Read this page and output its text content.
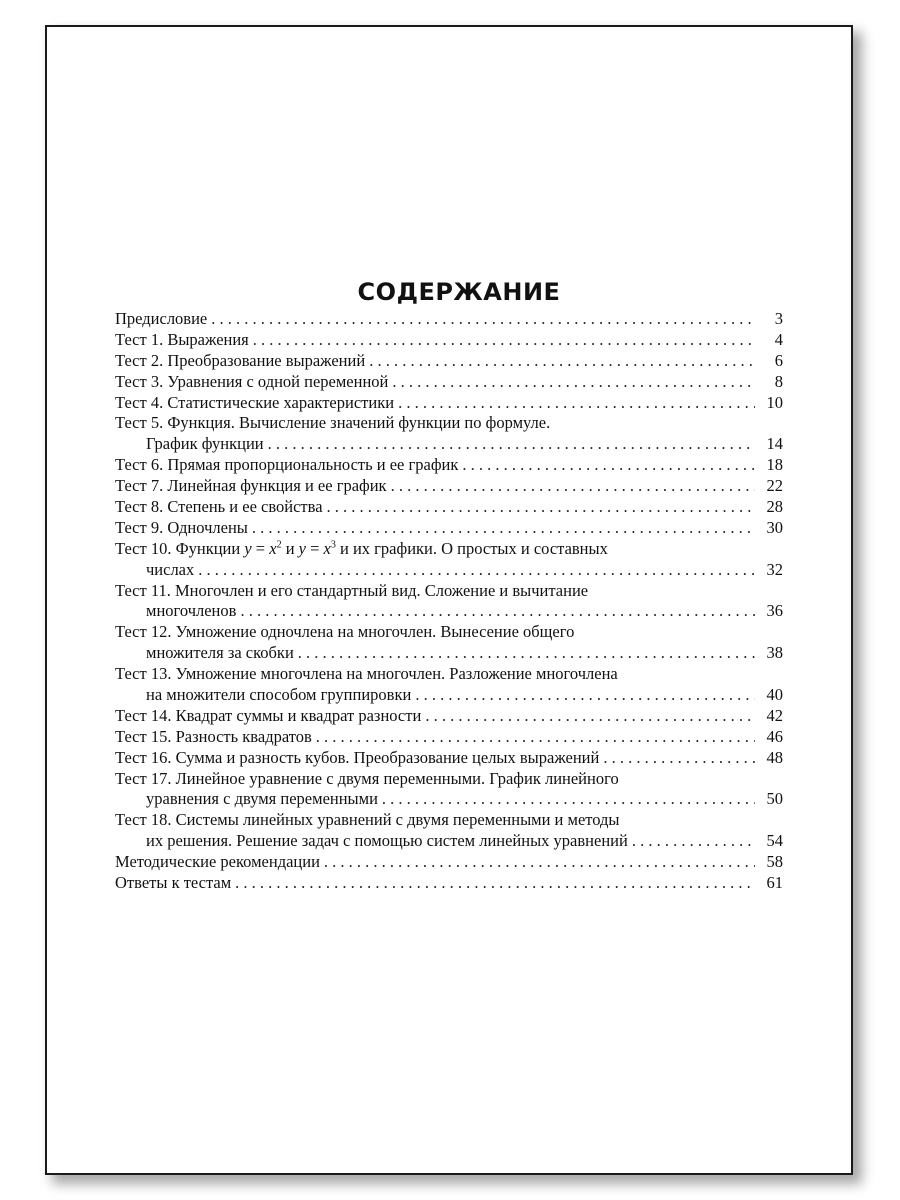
СОДЕРЖАНИЕ
Предисловие . . .	3
Тест 1. Выражения . . .	4
Тест 2. Преобразование выражений . . .	6
Тест 3. Уравнения с одной переменной . . .	8
Тест 4. Статистические характеристики . . .	10
Тест 5. Функция. Вычисление значений функции по формуле.
График функции . . .	14
Тест 6. Прямая пропорциональность и ее график . . .	18
Тест 7. Линейная функция и ее график . . .	22
Тест 8. Степень и ее свойства . . .	28
Тест 9. Одночлены . . .	30
Тест 10. Функции $y = x^2$ и $y = x^3$ и их графики. О простых и составных
числах . . .	32
Тест 11. Многочлен и его стандартный вид. Сложение и вычитание
многочленов . . .	36
Тест 12. Умножение одночлена на многочлен. Вынесение общего
множителя за скобки . . .	38
Тест 13. Умножение многочлена на многочлен. Разложение многочлена
на множители способом группировки . . .	40
Тест 14. Квадрат суммы и квадрат разности . . .	42
Тест 15. Разность квадратов . . .	46
Тест 16. Сумма и разность кубов. Преобразование целых выражений . . .	48
Тест 17. Линейное уравнение с двумя переменными. График линейного
уравнения с двумя переменными . . .	50
Тест 18. Системы линейных уравнений с двумя переменными и методы
их решения. Решение задач с помощью систем линейных уравнений . . .	54
Методические рекомендации . . .	58
Ответы к тестам . . .	61
